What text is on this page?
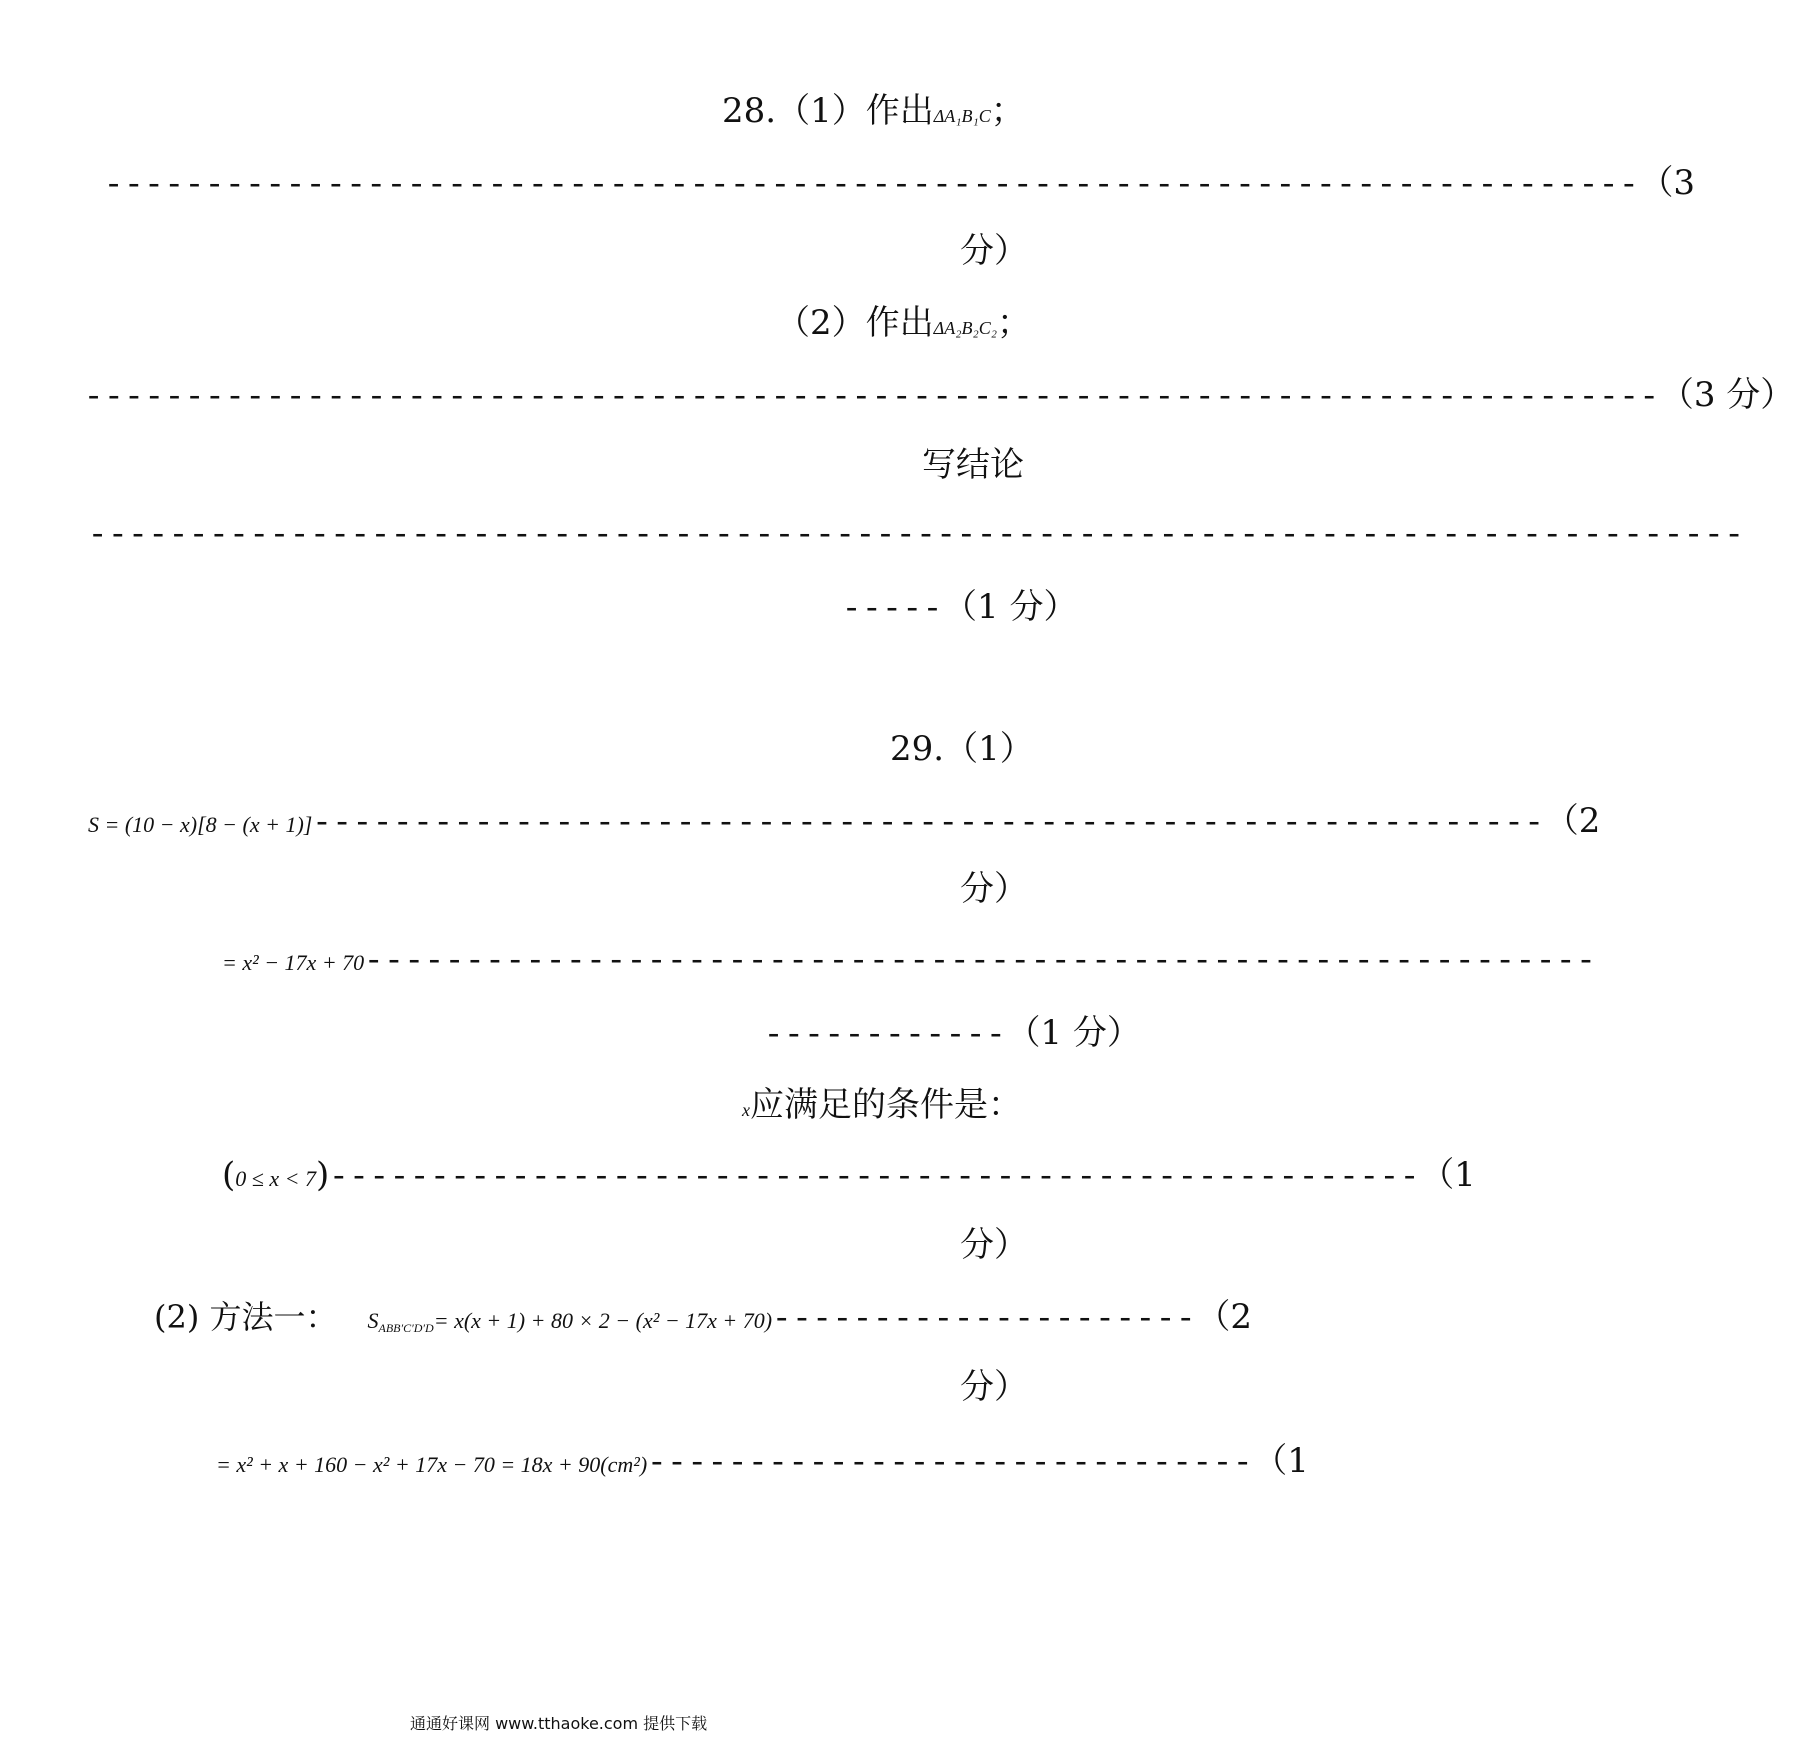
28.（1）作出ΔA₁B₁C；
----------------------------------------------------------------------------（3
分）
（2）作出ΔA₂B₂C₂；
------------------------------------------------------------------------------（3 分）
写结论
----------------------------------------------------------------------------------
-----（1 分）
29.（1）
S = (10 − x)[8 − (x + 1)]-------------------------------------------------------------（2
分）
= x² − 17x + 70-------------------------------------------------------------
------------（1 分）
x应满足的条件是：
(0 ≤ x < 7)------------------------------------------------------（1
分）
(2) 方法一： $S_{ABB'C'D'D}= x(x + 1) + 80 \times 2 - (x^2 - 17x + 70)---------------------(2$
分）
= x² + x + 160 − x² + 17x − 70 = 18x + 90(cm²)------------------------------（1
通通好课网 www.tthaoke.com 提供下载
